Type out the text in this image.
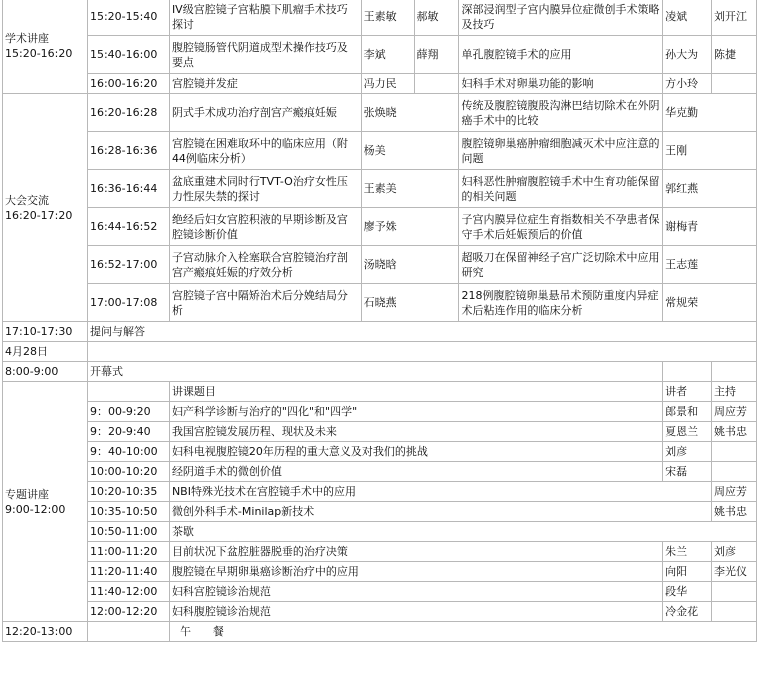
学术讲座
15:20-16:20	15:20-15:40	IV级宫腔镜子宫粘膜下肌瘤手术技巧探讨	王素敏	郝敏	深部浸润型子宫内膜异位症微创手术策略及技巧	凌斌	刘开江
	15:40-16:00	腹腔镜肠管代阴道成型术操作技巧及要点	李斌	薛翔	单孔腹腔镜手术的应用	孙大为	陈捷
	16:00-16:20	宫腔镜并发症	冯力民		妇科手术对卵巢功能的影响	方小玲	

大会交流
16:20-17:20	16:20-16:28	阴式手术成功治疗剖宫产瘢痕妊娠	张焕晓		传统及腹腔镜腹股沟淋巴结切除术在外阴癌手术中的比较	华克勤	
	16:28-16:36	宫腔镜在困难取环中的临床应用（附44例临床分析）	杨美		腹腔镜卵巢癌肿瘤细胞减灭术中应注意的问题	王刚	
	16:36-16:44	盆底重建术同时行TVT-O治疗女性压力性尿失禁的探讨	王素美		妇科恶性肿瘤腹腔镜手术中生育功能保留的相关问题	郭红燕	
	16:44-16:52	绝经后妇女宫腔积液的早期诊断及宫腔镜诊断价值	廖予姝		子宫内膜异位症生育指数相关不孕患者保守手术后妊娠预后的价值	谢梅青	
	16:52-17:00	子宫动脉介入栓塞联合宫腔镜治疗剖宫产瘢痕妊娠的疗效分析	汤晓晗		超吸刀在保留神经子宫广泛切除术中应用研究	王志莲	
	17:00-17:08	宫腔镜子宫中隔矫治术后分娩结局分析	石晓燕		218例腹腔镜卵巢悬吊术预防重度内异症术后粘连作用的临床分析	常规荣	
17:10-17:30	提问与解答						
4月28日							
8:00-9:00	开幕式						

专题讲座
9:00-12:00		讲课题目				讲者	主持
	9：00-9:20	妇产科学诊断与治疗的"四化"和"四学"				郎景和	周应芳
	9：20-9:40	我国宫腔镜发展历程、现状及未来				夏恩兰	姚书忠
	9：40-10:00	妇科电视腹腔镜20年历程的重大意义及对我们的挑战				刘彦	
	10:00-10:20	经阴道手术的微创价值				宋磊	
	10:20-10:35	NBI特殊光技术在宫腔镜手术中的应用					周应芳
	10:35-10:50	微创外科手术-Minilap新技术					姚书忠
	10:50-11:00	茶歇					
	11:00-11:20	目前状况下盆腔脏器脱垂的治疗决策				朱兰	刘彦
	11:20-11:40	腹腔镜在早期卵巢癌诊断治疗中的应用				向阳	李光仪
	11:40-12:00	妇科宫腔镜诊治规范				段华	
	12:00-12:20	妇科腹腔镜诊治规范				冷金花	
12:20-13:00		午　　餐					
